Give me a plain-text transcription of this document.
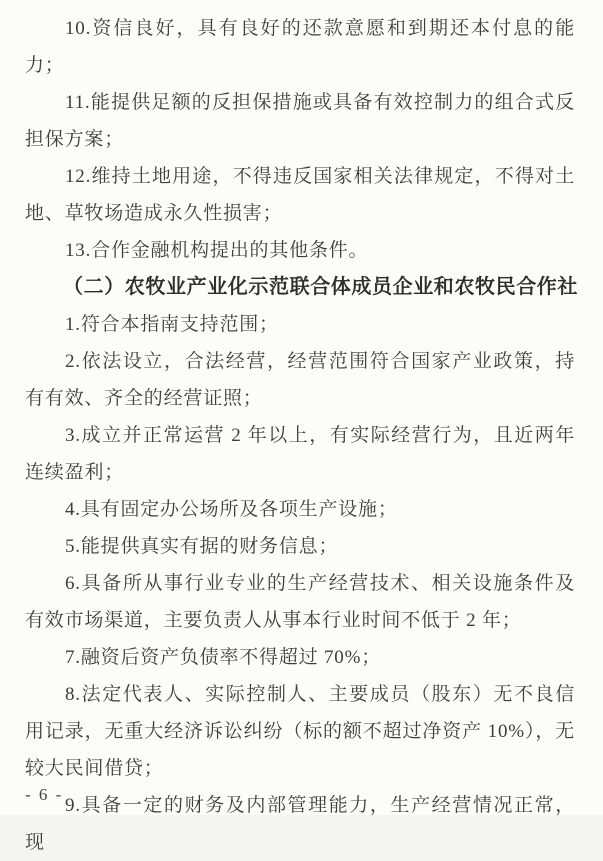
10.资信良好，具有良好的还款意愿和到期还本付息的能力；

11.能提供足额的反担保措施或具备有效控制力的组合式反担保方案；

12.维持土地用途，不得违反国家相关法律规定，不得对土地、草牧场造成永久性损害；

13.合作金融机构提出的其他条件。

（二）农牧业产业化示范联合体成员企业和农牧民合作社

1.符合本指南支持范围；

2.依法设立，合法经营，经营范围符合国家产业政策，持有有效、齐全的经营证照；

3.成立并正常运营 2 年以上，有实际经营行为，且近两年连续盈利；

4.具有固定办公场所及各项生产设施；

5.能提供真实有据的财务信息；

6.具备所从事行业专业的生产经营技术、相关设施条件及有效市场渠道，主要负责人从事本行业时间不低于 2 年；

7.融资后资产负债率不得超过 70%；

8.法定代表人、实际控制人、主要成员（股东）无不良信用记录，无重大经济诉讼纠纷（标的额不超过净资产 10%），无较大民间借贷；

9.具备一定的财务及内部管理能力，生产经营情况正常，现

- 6 -
